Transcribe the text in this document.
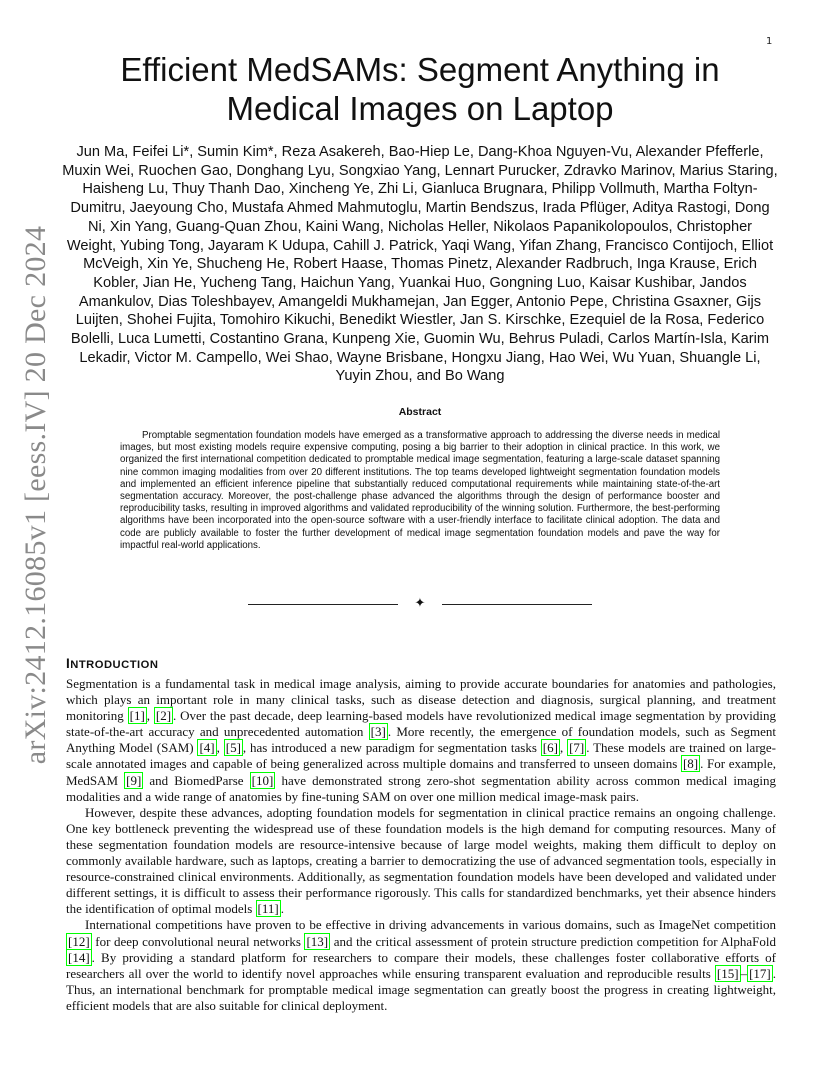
1
arXiv:2412.16085v1 [eess.IV] 20 Dec 2024
Efficient MedSAMs: Segment Anything in Medical Images on Laptop

Jun Ma, Feifei Li*, Sumin Kim*, Reza Asakereh, Bao-Hiep Le, Dang-Khoa Nguyen-Vu, Alexander Pfefferle, Muxin Wei, Ruochen Gao, Donghang Lyu, Songxiao Yang, Lennart Purucker, Zdravko Marinov, Marius Staring, Haisheng Lu, Thuy Thanh Dao, Xincheng Ye, Zhi Li, Gianluca Brugnara, Philipp Vollmuth, Martha Foltyn-Dumitru, Jaeyoung Cho, Mustafa Ahmed Mahmutoglu, Martin Bendszus, Irada Pflüger, Aditya Rastogi, Dong Ni, Xin Yang, Guang-Quan Zhou, Kaini Wang, Nicholas Heller, Nikolaos Papanikolopoulos, Christopher Weight, Yubing Tong, Jayaram K Udupa, Cahill J. Patrick, Yaqi Wang, Yifan Zhang, Francisco Contijoch, Elliot McVeigh, Xin Ye, Shucheng He, Robert Haase, Thomas Pinetz, Alexander Radbruch, Inga Krause, Erich Kobler, Jian He, Yucheng Tang, Haichun Yang, Yuankai Huo, Gongning Luo, Kaisar Kushibar, Jandos Amankulov, Dias Toleshbayev, Amangeldi Mukhamejan, Jan Egger, Antonio Pepe, Christina Gsaxner, Gijs Luijten, Shohei Fujita, Tomohiro Kikuchi, Benedikt Wiestler, Jan S. Kirschke, Ezequiel de la Rosa, Federico Bolelli, Luca Lumetti, Costantino Grana, Kunpeng Xie, Guomin Wu, Behrus Puladi, Carlos Martín-Isla, Karim Lekadir, Victor M. Campello, Wei Shao, Wayne Brisbane, Hongxu Jiang, Hao Wei, Wu Yuan, Shuangle Li, Yuyin Zhou, and Bo Wang

Abstract

Promptable segmentation foundation models have emerged as a transformative approach to addressing the diverse needs in medical images, but most existing models require expensive computing, posing a big barrier to their adoption in clinical practice. In this work, we organized the first international competition dedicated to promptable medical image segmentation, featuring a large-scale dataset spanning nine common imaging modalities from over 20 different institutions. The top teams developed lightweight segmentation foundation models and implemented an efficient inference pipeline that substantially reduced computational requirements while maintaining state-of-the-art segmentation accuracy. Moreover, the post-challenge phase advanced the algorithms through the design of performance booster and reproducibility tasks, resulting in improved algorithms and validated reproducibility of the winning solution. Furthermore, the best-performing algorithms have been incorporated into the open-source software with a user-friendly interface to facilitate clinical adoption. The data and code are publicly available to foster the further development of medical image segmentation foundation models and pave the way for impactful real-world applications.

✦
INTRODUCTION

Segmentation is a fundamental task in medical image analysis, aiming to provide accurate boundaries for anatomies and pathologies, which plays an important role in many clinical tasks, such as disease detection and diagnosis, surgical planning, and treatment monitoring [1] , [2] . Over the past decade, deep learning-based models have revolutionized medical image segmentation by providing state-of-the-art accuracy and unprecedented automation [3] . More recently, the emergence of foundation models, such as Segment Anything Model (SAM) [4] , [5] , has introduced a new paradigm for segmentation tasks [6] , [7] . These models are trained on large-scale annotated images and capable of being generalized across multiple domains and transferred to unseen domains [8] . For example, MedSAM [9] and BiomedParse [10] have demonstrated strong zero-shot segmentation ability across common medical imaging modalities and a wide range of anatomies by fine-tuning SAM on over one million medical image-mask pairs.

However, despite these advances, adopting foundation models for segmentation in clinical practice remains an ongoing challenge. One key bottleneck preventing the widespread use of these foundation models is the high demand for computing resources. Many of these segmentation foundation models are resource-intensive because of large model weights, making them difficult to deploy on commonly available hardware, such as laptops, creating a barrier to democratizing the use of advanced segmentation tools, especially in resource-constrained clinical environments. Additionally, as segmentation foundation models have been developed and validated under different settings, it is difficult to assess their performance rigorously. This calls for standardized benchmarks, yet their absence hinders the identification of optimal models [11] .

International competitions have proven to be effective in driving advancements in various domains, such as ImageNet competition [12] for deep convolutional neural networks [13] and the critical assessment of protein structure prediction competition for AlphaFold [14] . By providing a standard platform for researchers to compare their models, these challenges foster collaborative efforts of researchers all over the world to identify novel approaches while ensuring transparent evaluation and reproducible results [15] – [17] . Thus, an international benchmark for promptable medical image segmentation can greatly boost the progress in creating lightweight, efficient models that are also suitable for clinical deployment.
